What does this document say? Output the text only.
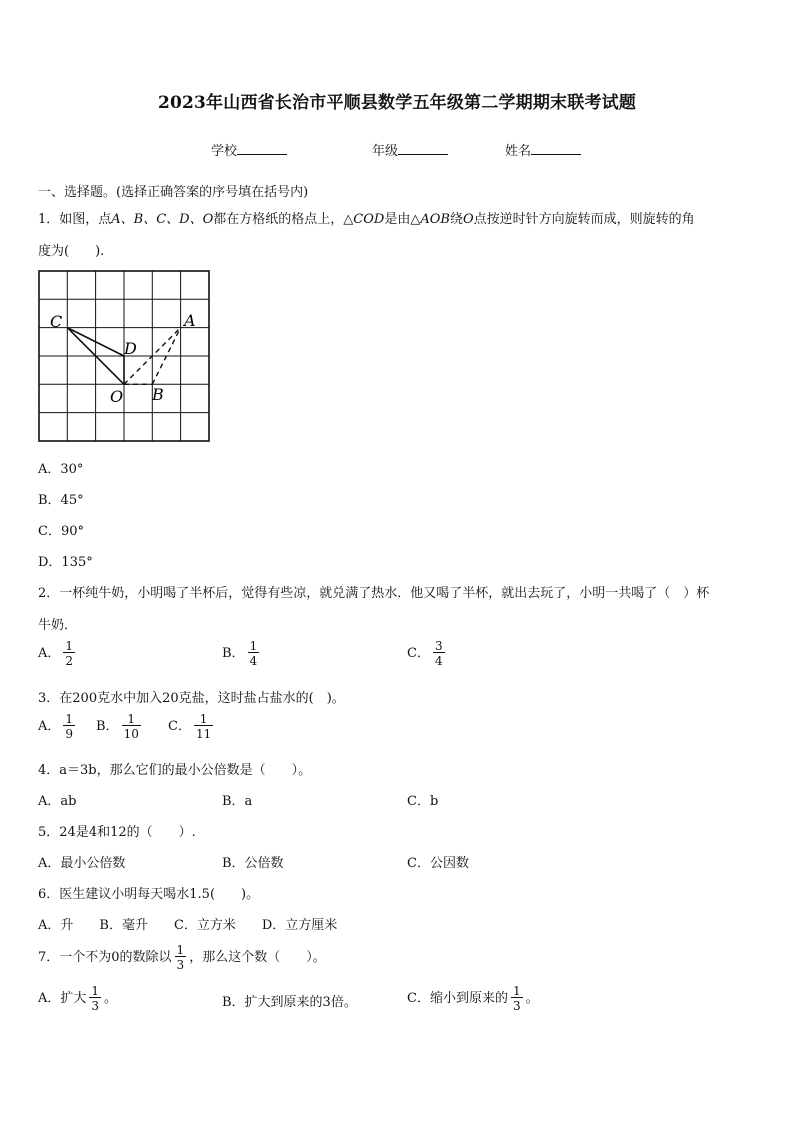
2023年山西省长治市平顺县数学五年级第二学期期末联考试题
学校	年级	姓名
一、选择题。(选择正确答案的序号填在括号内)
1．如图，点A、B、C、D、O都在方格纸的格点上，△COD是由△AOB绕O点按逆时针方向旋转而成，则旋转的角
度为(　　).
C	A
D
O B
A．30°
B．45°
C．90°
D．135°
2．一杯纯牛奶，小明喝了半杯后，觉得有些凉，就兑满了热水．他又喝了半杯，就出去玩了，小明一共喝了（　）杯
牛奶．
A． $\frac{1}{2}$	B． $\frac{1}{4}$	C． $\frac{3}{4}$
3．在200克水中加入20克盐，这时盐占盐水的(　)。
A． $\frac{1}{9}$ B． $\frac{1}{10}$ C． $\frac{1}{11}$
4．a＝3b，那么它们的最小公倍数是（　　）。
A．ab	B．a	C．b
5．24是4和12的（　　）.
A．最小公倍数	B．公倍数	C．公因数
6．医生建议小明每天喝水1.5(　　)。
A．升　　B．毫升　　C．立方米　　D．立方厘米
7．一个不为0的数除以 $\frac{1}{3}$ ，那么这个数（　　）。
A．扩大 $\frac{1}{3}$ 。	B．扩大到原来的3倍。	C．缩小到原来的 $\frac{1}{3}$ 。
